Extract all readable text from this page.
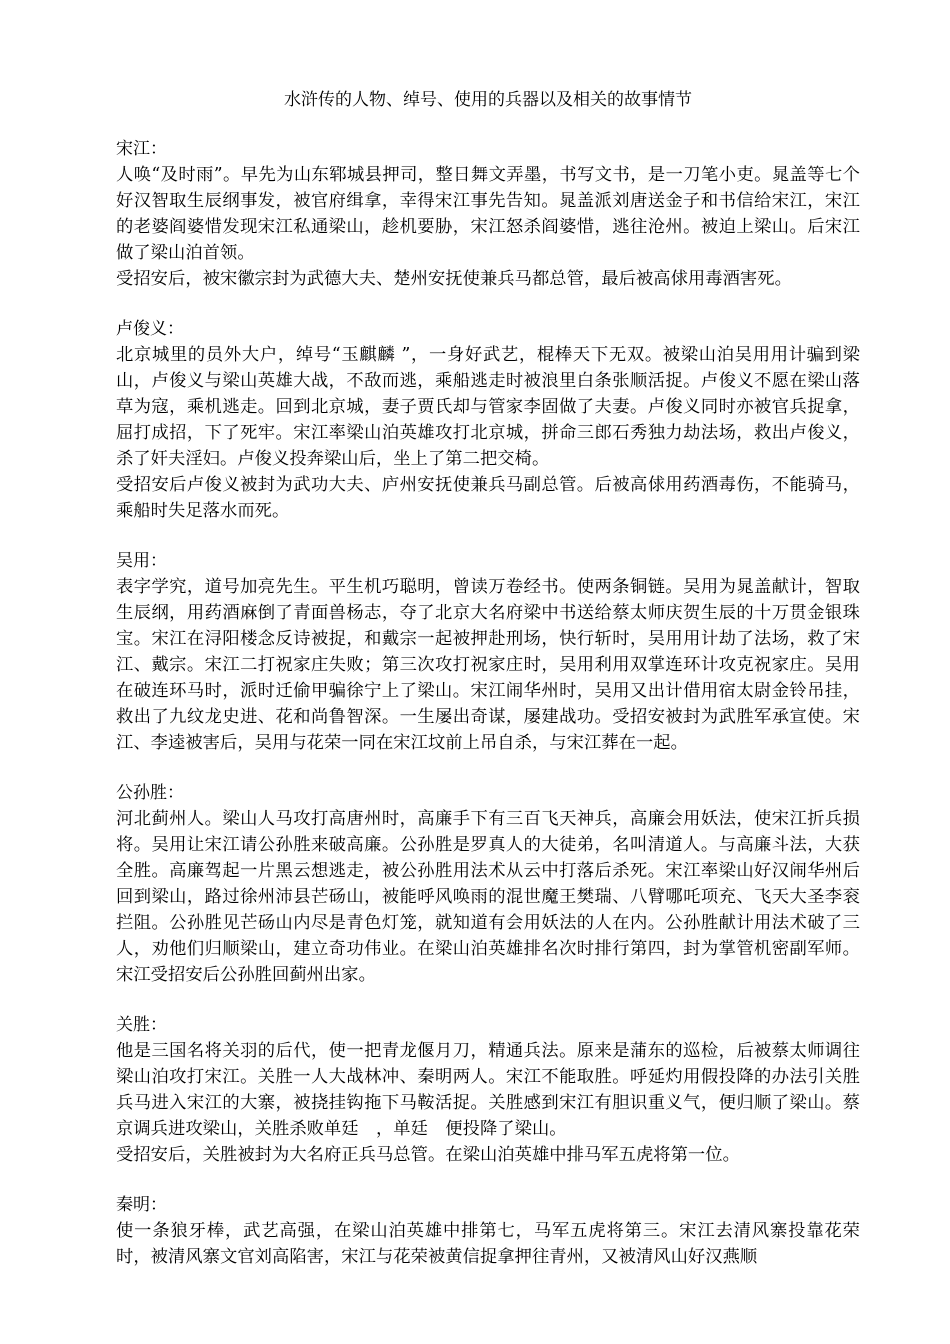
水浒传的人物、绰号、使用的兵器以及相关的故事情节
宋江：
人唤“及时雨”。早先为山东郓城县押司，整日舞文弄墨，书写文书，是一刀笔小吏。晁盖等七个好汉智取生辰纲事发，被官府缉拿，幸得宋江事先告知。晁盖派刘唐送金子和书信给宋江，宋江的老婆阎婆惜发现宋江私通梁山，趁机要胁，宋江怒杀阎婆惜，逃往沧州。被迫上梁山。后宋江做了梁山泊首领。
受招安后，被宋徽宗封为武德大夫、楚州安抚使兼兵马都总管，最后被高俅用毒酒害死。
卢俊义：
北京城里的员外大户，绰号“玉麒麟 ”，一身好武艺，棍棒天下无双。被梁山泊吴用用计骗到梁山，卢俊义与梁山英雄大战，不敌而逃，乘船逃走时被浪里白条张顺活捉。卢俊义不愿在梁山落草为寇，乘机逃走。回到北京城，妻子贾氏却与管家李固做了夫妻。卢俊义同时亦被官兵捉拿，屈打成招，下了死牢。宋江率梁山泊英雄攻打北京城，拼命三郎石秀独力劫法场，救出卢俊义，杀了奸夫淫妇。卢俊义投奔梁山后，坐上了第二把交椅。
受招安后卢俊义被封为武功大夫、庐州安抚使兼兵马副总管。后被高俅用药酒毒伤，不能骑马，乘船时失足落水而死。
吴用：
表字学究，道号加亮先生。平生机巧聪明，曾读万卷经书。使两条铜链。吴用为晁盖献计，智取生辰纲，用药酒麻倒了青面兽杨志，夺了北京大名府梁中书送给蔡太师庆贺生辰的十万贯金银珠宝。宋江在浔阳楼念反诗被捉，和戴宗一起被押赴刑场，快行斩时，吴用用计劫了法场，救了宋江、戴宗。宋江二打祝家庄失败；第三次攻打祝家庄时，吴用利用双掌连环计攻克祝家庄。吴用在破连环马时，派时迁偷甲骗徐宁上了梁山。宋江闹华州时，吴用又出计借用宿太尉金铃吊挂，救出了九纹龙史进、花和尚鲁智深。一生屡出奇谋，屡建战功。受招安被封为武胜军承宣使。宋江、李逵被害后，吴用与花荣一同在宋江坟前上吊自杀，与宋江葬在一起。
公孙胜：
河北蓟州人。梁山人马攻打高唐州时，高廉手下有三百飞天神兵，高廉会用妖法，使宋江折兵损将。吴用让宋江请公孙胜来破高廉。公孙胜是罗真人的大徒弟，名叫清道人。与高廉斗法，大获全胜。高廉驾起一片黑云想逃走，被公孙胜用法术从云中打落后杀死。宋江率梁山好汉闹华州后回到梁山，路过徐州沛县芒砀山，被能呼风唤雨的混世魔王樊瑞、八臂哪吒项充、飞天大圣李衮拦阻。公孙胜见芒砀山内尽是青色灯笼，就知道有会用妖法的人在内。公孙胜献计用法术破了三人，劝他们归顺梁山，建立奇功伟业。在梁山泊英雄排名次时排行第四，封为掌管机密副军师。宋江受招安后公孙胜回蓟州出家。
关胜：
他是三国名将关羽的后代，使一把青龙偃月刀，精通兵法。原来是蒲东的巡检，后被蔡太师调往梁山泊攻打宋江。关胜一人大战林冲、秦明两人。宋江不能取胜。呼延灼用假投降的办法引关胜兵马进入宋江的大寨，被挠挂钩拖下马鞍活捉。关胜感到宋江有胆识重义气，便归顺了梁山。蔡京调兵进攻梁山，关胜杀败单廷　，单廷　便投降了梁山。
受招安后，关胜被封为大名府正兵马总管。在梁山泊英雄中排马军五虎将第一位。
秦明：
使一条狼牙棒，武艺高强，在梁山泊英雄中排第七，马军五虎将第三。宋江去清风寨投靠花荣时，被清风寨文官刘高陷害，宋江与花荣被黄信捉拿押往青州，又被清风山好汉燕顺
